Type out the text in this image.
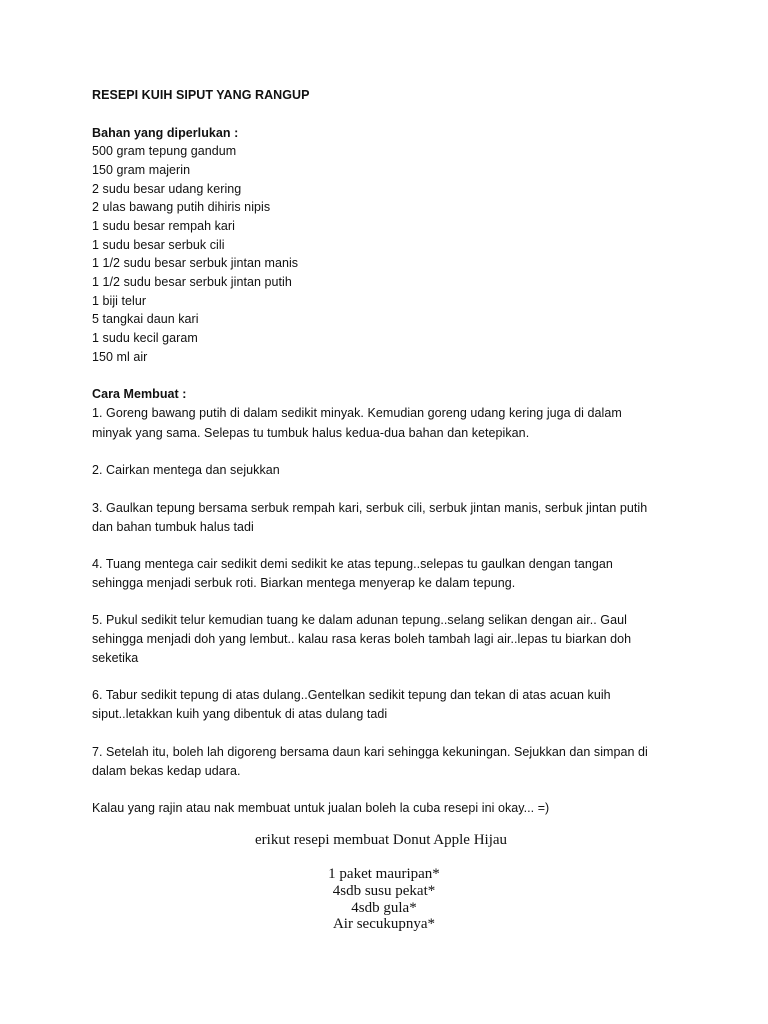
RESEPI KUIH SIPUT YANG RANGUP
Bahan yang diperlukan :
500 gram tepung gandum
150 gram majerin
2 sudu besar udang kering
2 ulas bawang putih dihiris nipis
1 sudu besar rempah kari
1 sudu besar serbuk cili
1 1/2 sudu besar serbuk jintan manis
1 1/2 sudu besar serbuk jintan putih
1 biji telur
5 tangkai daun kari
1 sudu kecil garam
150 ml air
Cara Membuat :
1. Goreng bawang putih di dalam sedikit minyak. Kemudian goreng udang kering juga di dalam
minyak yang sama. Selepas tu tumbuk halus kedua-dua bahan dan ketepikan.
2. Cairkan mentega dan sejukkan
3. Gaulkan tepung bersama serbuk rempah kari, serbuk cili, serbuk jintan manis, serbuk jintan putih
dan bahan tumbuk halus tadi
4. Tuang mentega cair sedikit demi sedikit ke atas tepung..selepas tu gaulkan dengan tangan
sehingga menjadi serbuk roti. Biarkan mentega menyerap ke dalam tepung.
5. Pukul sedikit telur kemudian tuang ke dalam adunan tepung..selang selikan dengan air.. Gaul
sehingga menjadi doh yang lembut.. kalau rasa keras boleh tambah lagi air..lepas tu biarkan doh
seketika
6. Tabur sedikit tepung di atas dulang..Gentelkan sedikit tepung dan tekan di atas acuan kuih
siput..letakkan kuih yang dibentuk di atas dulang tadi
7. Setelah itu, boleh lah digoreng bersama daun kari sehingga kekuningan. Sejukkan dan simpan di
dalam bekas kedap udara.
Kalau yang rajin atau nak membuat untuk jualan boleh la cuba resepi ini okay... =)
erikut resepi membuat Donut Apple Hijau
1 paket mauripan*
4sdb susu pekat*
4sdb gula*
Air secukupnya*
